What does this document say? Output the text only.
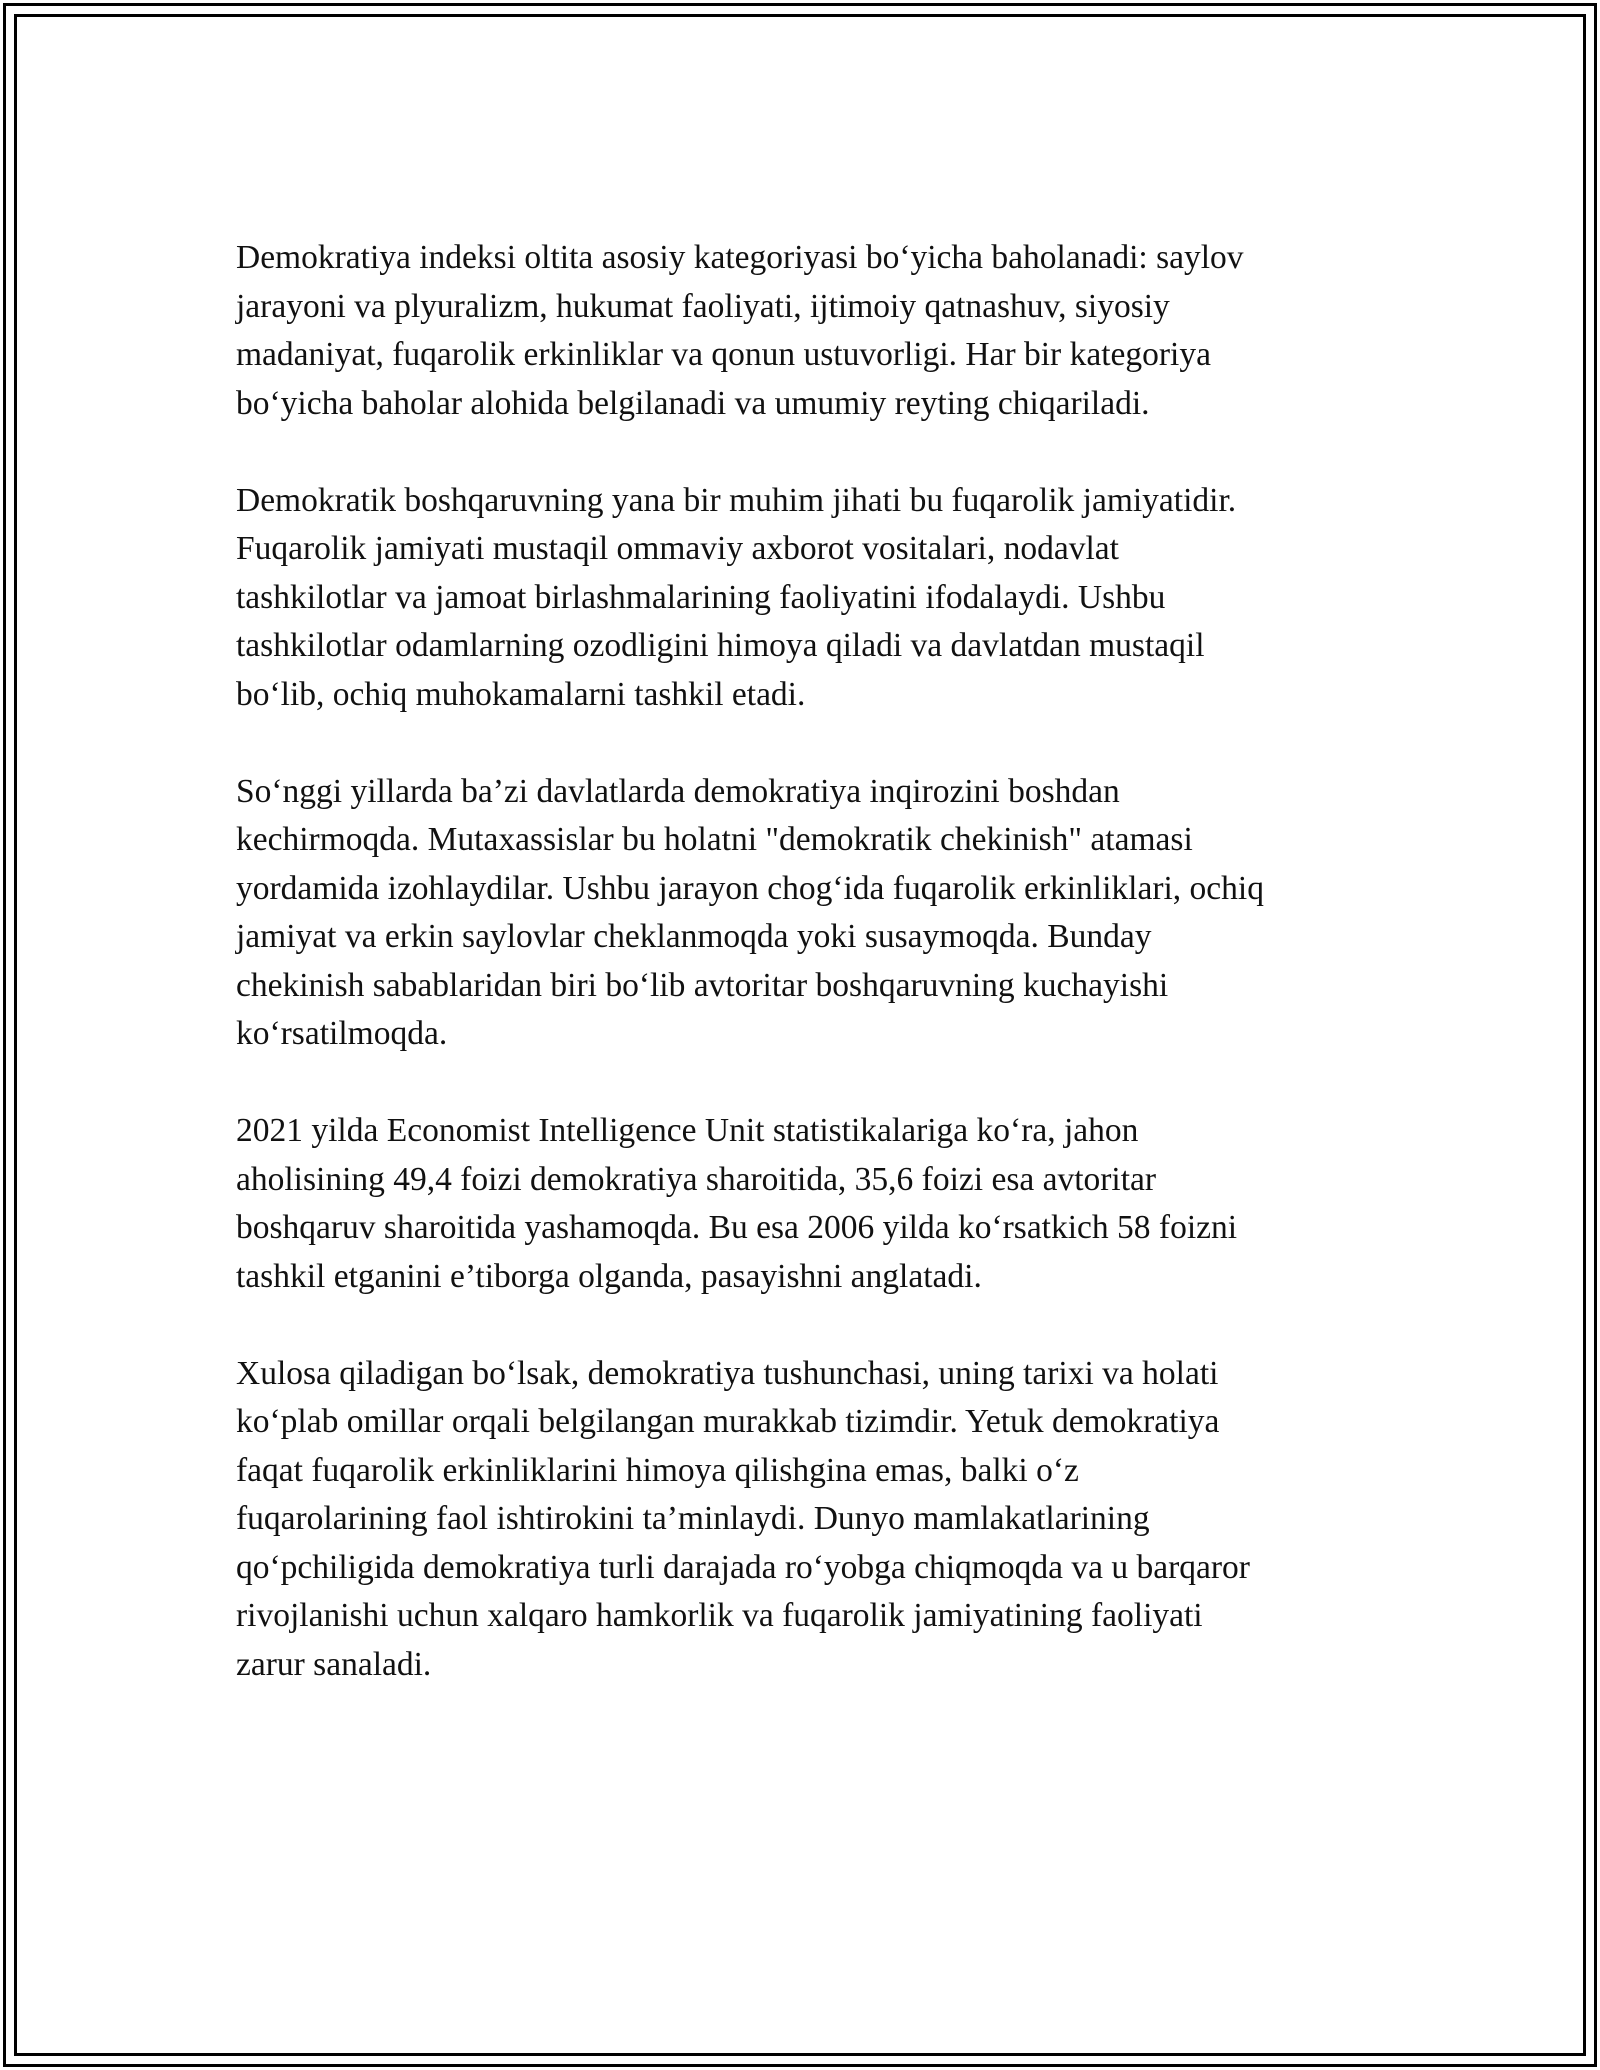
Demokratiya indeksi oltita asosiy kategoriyasi bo‘yicha baholanadi: saylov
jarayoni va plyuralizm, hukumat faoliyati, ijtimoiy qatnashuv, siyosiy
madaniyat, fuqarolik erkinliklar va qonun ustuvorligi. Har bir kategoriya
bo‘yicha baholar alohida belgilanadi va umumiy reyting chiqariladi.

Demokratik boshqaruvning yana bir muhim jihati bu fuqarolik jamiyatidir.
Fuqarolik jamiyati mustaqil ommaviy axborot vositalari, nodavlat
tashkilotlar va jamoat birlashmalarining faoliyatini ifodalaydi. Ushbu
tashkilotlar odamlarning ozodligini himoya qiladi va davlatdan mustaqil
bo‘lib, ochiq muhokamalarni tashkil etadi.

So‘nggi yillarda ba’zi davlatlarda demokratiya inqirozini boshdan
kechirmoqda. Mutaxassislar bu holatni "demokratik chekinish" atamasi
yordamida izohlaydilar. Ushbu jarayon chog‘ida fuqarolik erkinliklari, ochiq
jamiyat va erkin saylovlar cheklanmoqda yoki susaymoqda. Bunday
chekinish sabablaridan biri bo‘lib avtoritar boshqaruvning kuchayishi
ko‘rsatilmoqda.

2021 yilda Economist Intelligence Unit statistikalariga ko‘ra, jahon
aholisining 49,4 foizi demokratiya sharoitida, 35,6 foizi esa avtoritar
boshqaruv sharoitida yashamoqda. Bu esa 2006 yilda ko‘rsatkich 58 foizni
tashkil etganini e’tiborga olganda, pasayishni anglatadi.

Xulosa qiladigan bo‘lsak, demokratiya tushunchasi, uning tarixi va holati
ko‘plab omillar orqali belgilangan murakkab tizimdir. Yetuk demokratiya
faqat fuqarolik erkinliklarini himoya qilishgina emas, balki o‘z
fuqarolarining faol ishtirokini ta’minlaydi. Dunyo mamlakatlarining
qo‘pchiligida demokratiya turli darajada ro‘yobga chiqmoqda va u barqaror
rivojlanishi uchun xalqaro hamkorlik va fuqarolik jamiyatining faoliyati
zarur sanaladi.
